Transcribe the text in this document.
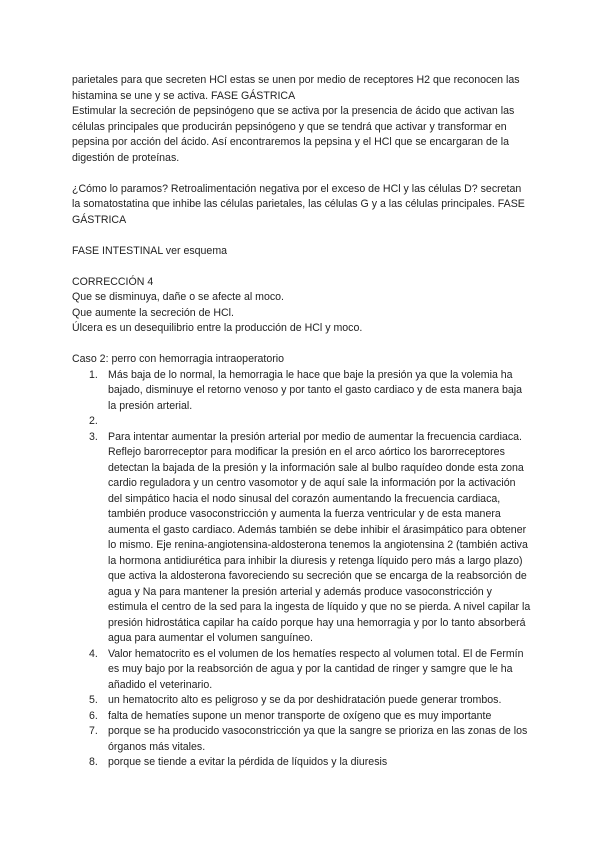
parietales para que secreten HCl estas se unen por medio de receptores H2 que reconocen las histamina se une y se activa. FASE GÁSTRICA

Estimular la secreción de pepsinógeno que se activa por la presencia de ácido que activan las células principales que producirán pepsinógeno y que se tendrá que activar y transformar en pepsina por acción del ácido. Así encontraremos la pepsina y el HCl que se encargaran de la digestión de proteínas.

¿Cómo lo paramos? Retroalimentación negativa por el exceso de HCl y las células D? secretan la somatostatina que inhibe las células parietales, las células G y a las células principales. FASE GÁSTRICA

FASE INTESTINAL ver esquema

CORRECCIÓN 4

Que se disminuya, dañe o se afecte al moco.

Que aumente la secreción de HCl.

Úlcera es un desequilibrio entre la producción de HCl y moco.

Caso 2: perro con hemorragia intraoperatorio

1. Más baja de lo normal, la hemorragia le hace que baje la presión ya que la volemia ha bajado, disminuye el retorno venoso y por tanto el gasto cardiaco y de esta manera baja la presión arterial.
2.

3. Para intentar aumentar la presión arterial por medio de aumentar la frecuencia cardiaca. Reflejo barorreceptor para modificar la presión en el arco aórtico los barorreceptores detectan la bajada de la presión y la información sale al bulbo raquídeo donde esta zona cardio reguladora y un centro vasomotor y de aquí sale la información por la activación del simpático hacia el nodo sinusal del corazón aumentando la frecuencia cardiaca, también produce vasoconstricción y aumenta la fuerza ventricular y de esta manera aumenta el gasto cardiaco. Además también se debe inhibir el árasimpático para obtener lo mismo. Eje renina-angiotensina-aldosterona tenemos la angiotensina 2 (también activa la hormona antidiurética para inhibir la diuresis y retenga líquido pero más a largo plazo) que activa la aldosterona favoreciendo su secreción que se encarga de la reabsorción de agua y Na para mantener la presión arterial y además produce vasoconstricción y estimula el centro de la sed para la ingesta de líquido y que no se pierda. A nivel capilar la presión hidrostática capilar ha caído porque hay una hemorragia y por lo tanto absorberá agua para aumentar el volumen sanguíneo.
4. Valor hematocrito es el volumen de los hematíes respecto al volumen total. El de Fermín es muy bajo por la reabsorción de agua y por la cantidad de ringer y samgre que le ha añadido el veterinario.
5. un hematocrito alto es peligroso y se da por deshidratación puede generar trombos.
6. falta de hematíes supone un menor transporte de oxígeno que es muy importante
7. porque se ha producido vasoconstricción ya que la sangre se prioriza en las zonas de los órganos más vitales.
8. porque se tiende a evitar la pérdida de líquidos y la diuresis
